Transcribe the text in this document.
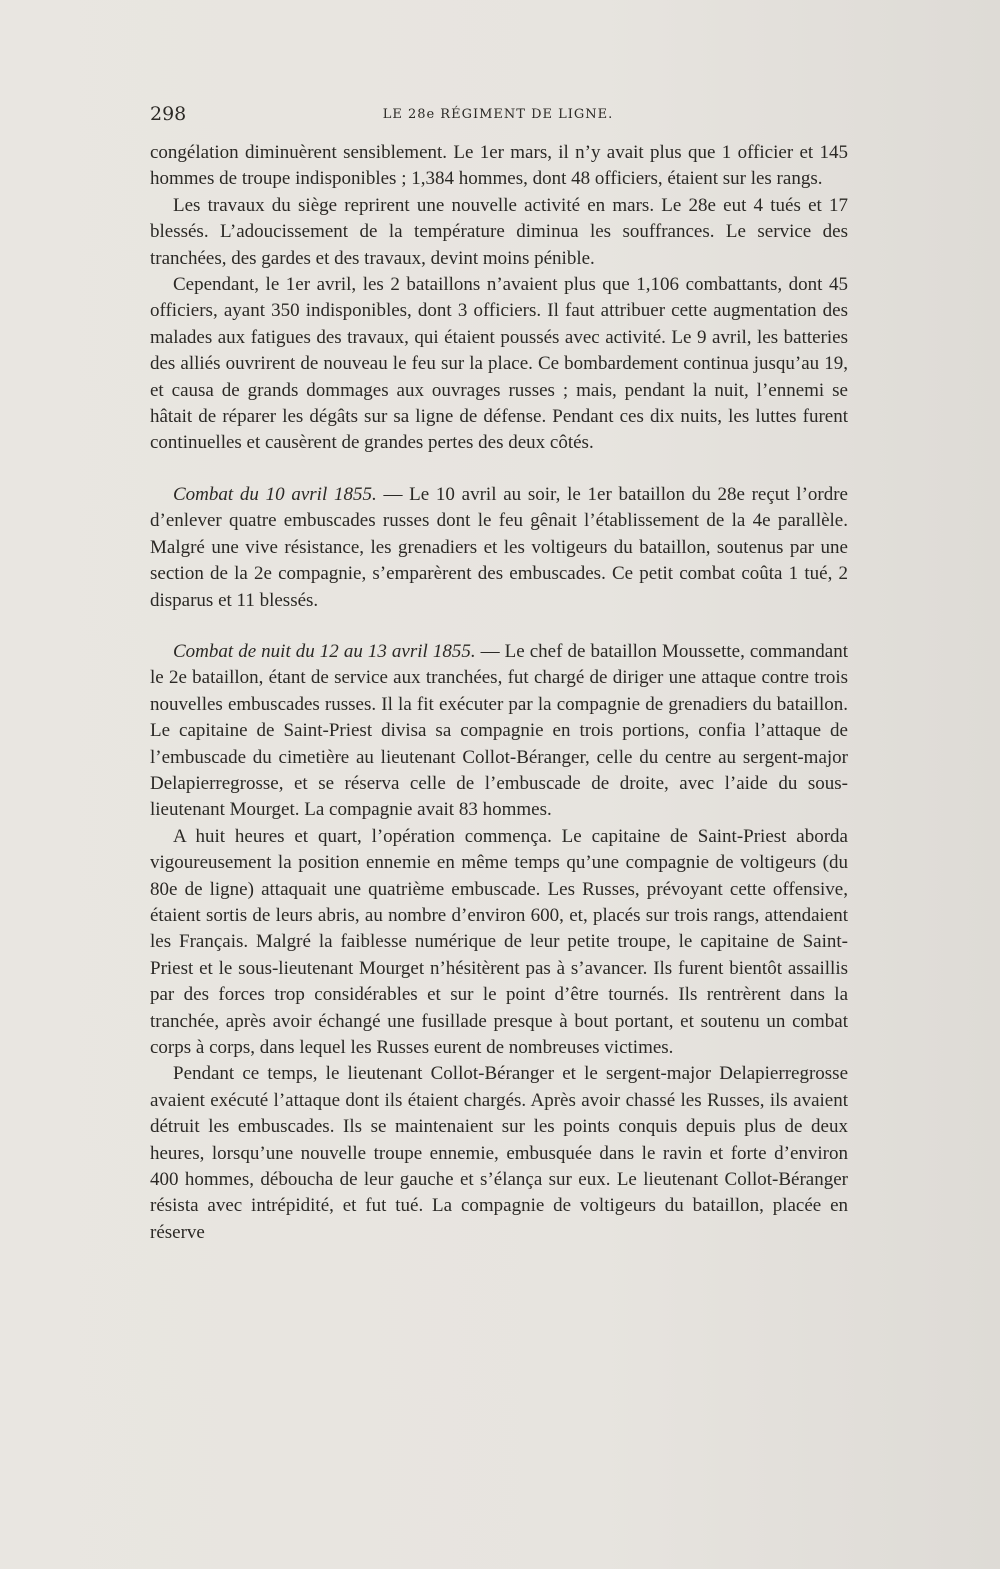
298	LE 28e RÉGIMENT DE LIGNE.

congélation diminuèrent sensiblement. Le 1er mars, il n’y avait plus que 1 officier et 145 hommes de troupe indisponibles ; 1,384 hommes, dont 48 officiers, étaient sur les rangs.

Les travaux du siège reprirent une nouvelle activité en mars. Le 28e eut 4 tués et 17 blessés. L’adoucissement de la température diminua les souffrances. Le service des tranchées, des gardes et des travaux, devint moins pénible.

Cependant, le 1er avril, les 2 bataillons n’avaient plus que 1,106 combattants, dont 45 officiers, ayant 350 indisponibles, dont 3 officiers. Il faut attribuer cette augmentation des malades aux fatigues des travaux, qui étaient poussés avec activité. Le 9 avril, les batteries des alliés ouvrirent de nouveau le feu sur la place. Ce bombardement continua jusqu’au 19, et causa de grands dommages aux ouvrages russes ; mais, pendant la nuit, l’ennemi se hâtait de réparer les dégâts sur sa ligne de défense. Pendant ces dix nuits, les luttes furent continuelles et causèrent de grandes pertes des deux côtés.

Combat du 10 avril 1855. — Le 10 avril au soir, le 1er bataillon du 28e reçut l’ordre d’enlever quatre embuscades russes dont le feu gênait l’établissement de la 4e parallèle. Malgré une vive résistance, les grenadiers et les voltigeurs du bataillon, soutenus par une section de la 2e compagnie, s’emparèrent des embuscades. Ce petit combat coûta 1 tué, 2 disparus et 11 blessés.

Combat de nuit du 12 au 13 avril 1855. — Le chef de bataillon Moussette, commandant le 2e bataillon, étant de service aux tranchées, fut chargé de diriger une attaque contre trois nouvelles embuscades russes. Il la fit exécuter par la compagnie de grenadiers du bataillon. Le capitaine de Saint-Priest divisa sa compagnie en trois portions, confia l’attaque de l’embuscade du cimetière au lieutenant Collot-Béranger, celle du centre au sergent-major Delapierregrosse, et se réserva celle de l’embuscade de droite, avec l’aide du sous-lieutenant Mourget. La compagnie avait 83 hommes.

A huit heures et quart, l’opération commença. Le capitaine de Saint-Priest aborda vigoureusement la position ennemie en même temps qu’une compagnie de voltigeurs (du 80e de ligne) attaquait une quatrième embuscade. Les Russes, prévoyant cette offensive, étaient sortis de leurs abris, au nombre d’environ 600, et, placés sur trois rangs, attendaient les Français. Malgré la faiblesse numérique de leur petite troupe, le capitaine de Saint-Priest et le sous-lieutenant Mourget n’hésitèrent pas à s’avancer. Ils furent bientôt assaillis par des forces trop considérables et sur le point d’être tournés. Ils rentrèrent dans la tranchée, après avoir échangé une fusillade presque à bout portant, et soutenu un combat corps à corps, dans lequel les Russes eurent de nombreuses victimes.

Pendant ce temps, le lieutenant Collot-Béranger et le sergent-major Delapierregrosse avaient exécuté l’attaque dont ils étaient chargés. Après avoir chassé les Russes, ils avaient détruit les embuscades. Ils se maintenaient sur les points conquis depuis plus de deux heures, lorsqu’une nouvelle troupe ennemie, embusquée dans le ravin et forte d’environ 400 hommes, déboucha de leur gauche et s’élança sur eux. Le lieutenant Collot-Béranger résista avec intrépidité, et fut tué. La compagnie de voltigeurs du bataillon, placée en réserve
